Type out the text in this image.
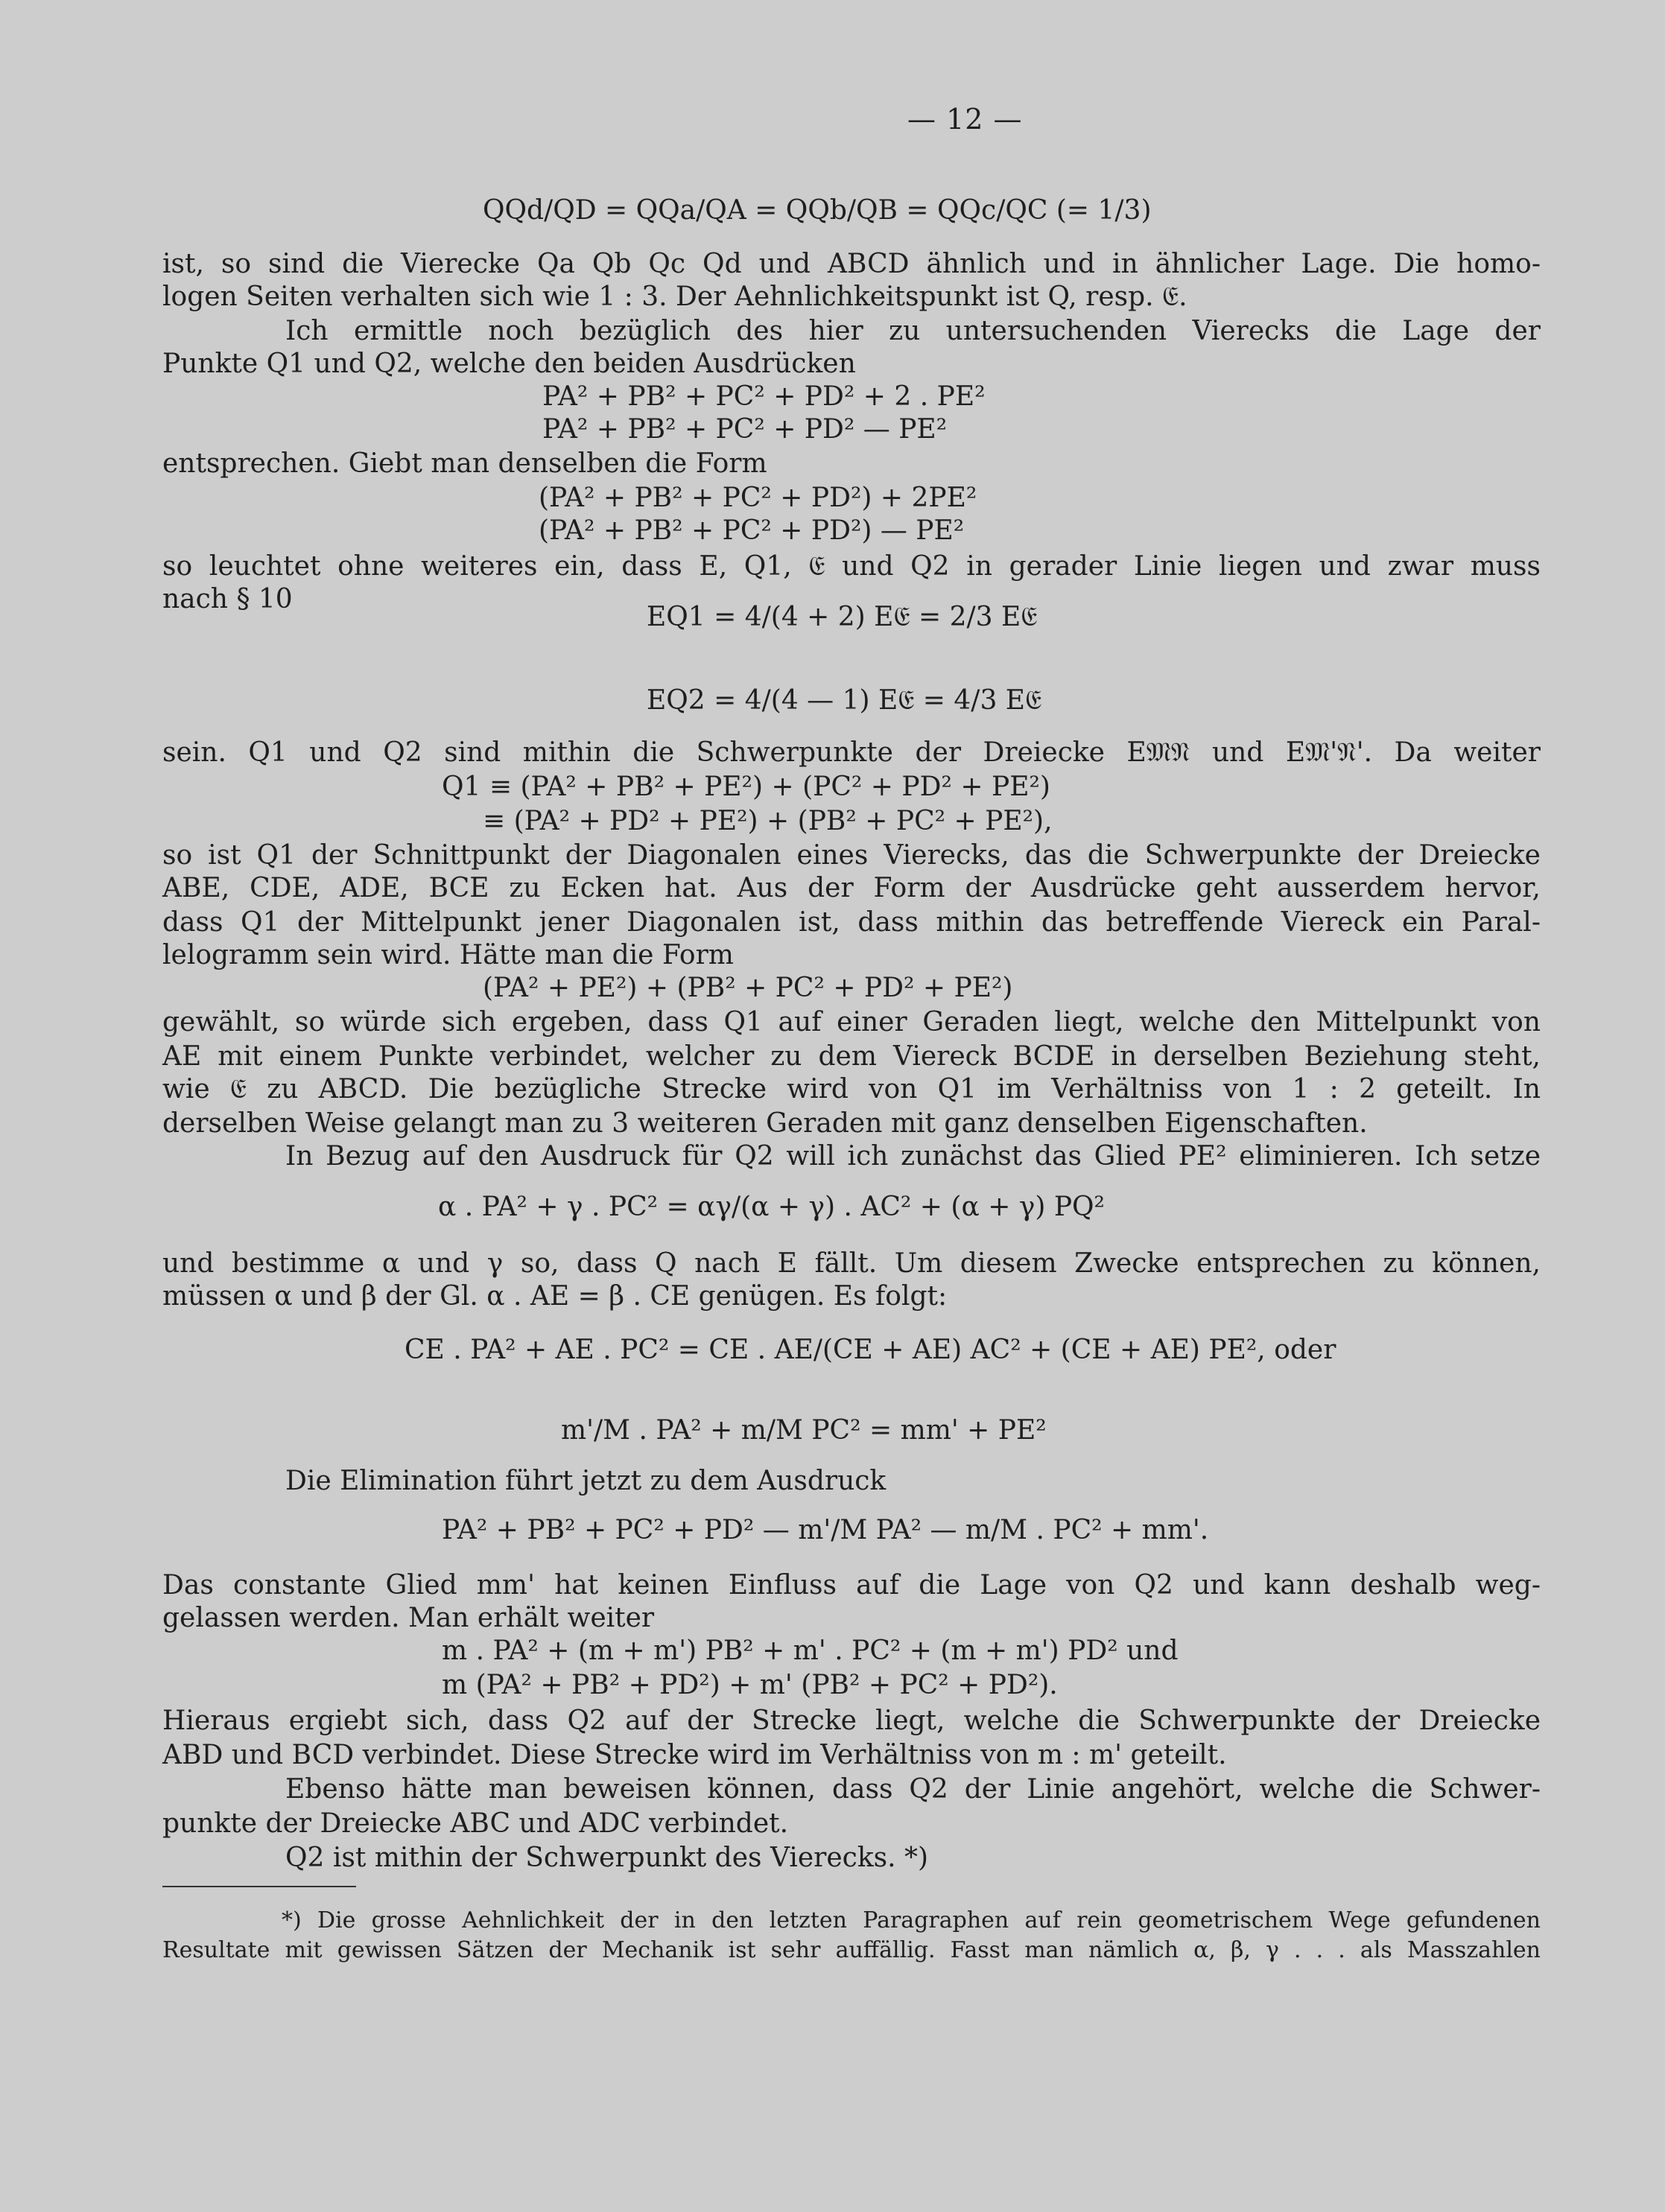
— 12 —
QQd/QD = QQa/QA = QQb/QB = QQc/QC (= 1/3)
ist, so sind die Vierecke Qa Qb Qc Qd und ABCD ähnlich und in ähnlicher Lage. Die homo-
logen Seiten verhalten sich wie 1 : 3. Der Aehnlichkeitspunkt ist Q, resp. 𝔈.
Ich ermittle noch bezüglich des hier zu untersuchenden Vierecks die Lage der
Punkte Q1 und Q2, welche den beiden Ausdrücken
PA² + PB² + PC² + PD² + 2 . PE²
PA² + PB² + PC² + PD² — PE²
entsprechen. Giebt man denselben die Form
(PA² + PB² + PC² + PD²) + 2PE²
(PA² + PB² + PC² + PD²) — PE²
so leuchtet ohne weiteres ein, dass E, Q1, 𝔈 und Q2 in gerader Linie liegen und zwar muss
nach § 10
EQ1 = 4/(4 + 2) E𝔈 = 2/3 E𝔈
EQ2 = 4/(4 — 1) E𝔈 = 4/3 E𝔈
sein. Q1 und Q2 sind mithin die Schwerpunkte der Dreiecke E𝔐𝔑 und E𝔐'𝔑'. Da weiter
Q1 ≡ (PA² + PB² + PE²) + (PC² + PD² + PE²)
≡ (PA² + PD² + PE²) + (PB² + PC² + PE²),
so ist Q1 der Schnittpunkt der Diagonalen eines Vierecks, das die Schwerpunkte der Dreiecke
ABE, CDE, ADE, BCE zu Ecken hat. Aus der Form der Ausdrücke geht ausserdem hervor,
dass Q1 der Mittelpunkt jener Diagonalen ist, dass mithin das betreffende Viereck ein Paral-
lelogramm sein wird. Hätte man die Form
(PA² + PE²) + (PB² + PC² + PD² + PE²)
gewählt, so würde sich ergeben, dass Q1 auf einer Geraden liegt, welche den Mittelpunkt von
AE mit einem Punkte verbindet, welcher zu dem Viereck BCDE in derselben Beziehung steht,
wie 𝔈 zu ABCD. Die bezügliche Strecke wird von Q1 im Verhältniss von 1 : 2 geteilt. In
derselben Weise gelangt man zu 3 weiteren Geraden mit ganz denselben Eigenschaften.
In Bezug auf den Ausdruck für Q2 will ich zunächst das Glied PE² eliminieren. Ich setze
α . PA² + γ . PC² = αγ/(α + γ) . AC² + (α + γ) PQ²
und bestimme α und γ so, dass Q nach E fällt. Um diesem Zwecke entsprechen zu können,
müssen α und β der Gl. α . AE = β . CE genügen. Es folgt:
CE . PA² + AE . PC² = CE . AE/(CE + AE) AC² + (CE + AE) PE², oder
m'/M . PA² + m/M PC² = mm' + PE²
Die Elimination führt jetzt zu dem Ausdruck
PA² + PB² + PC² + PD² — m'/M PA² — m/M . PC² + mm'.
Das constante Glied mm' hat keinen Einfluss auf die Lage von Q2 und kann deshalb weg-
gelassen werden. Man erhält weiter
m . PA² + (m + m') PB² + m' . PC² + (m + m') PD² und
m (PA² + PB² + PD²) + m' (PB² + PC² + PD²).
Hieraus ergiebt sich, dass Q2 auf der Strecke liegt, welche die Schwerpunkte der Dreiecke
ABD und BCD verbindet. Diese Strecke wird im Verhältniss von m : m' geteilt.
Ebenso hätte man beweisen können, dass Q2 der Linie angehört, welche die Schwer-
punkte der Dreiecke ABC und ADC verbindet.
Q2 ist mithin der Schwerpunkt des Vierecks. *)
*) Die grosse Aehnlichkeit der in den letzten Paragraphen auf rein geometrischem Wege gefundenen
Resultate mit gewissen Sätzen der Mechanik ist sehr auffällig. Fasst man nämlich α, β, γ . . . als Masszahlen
